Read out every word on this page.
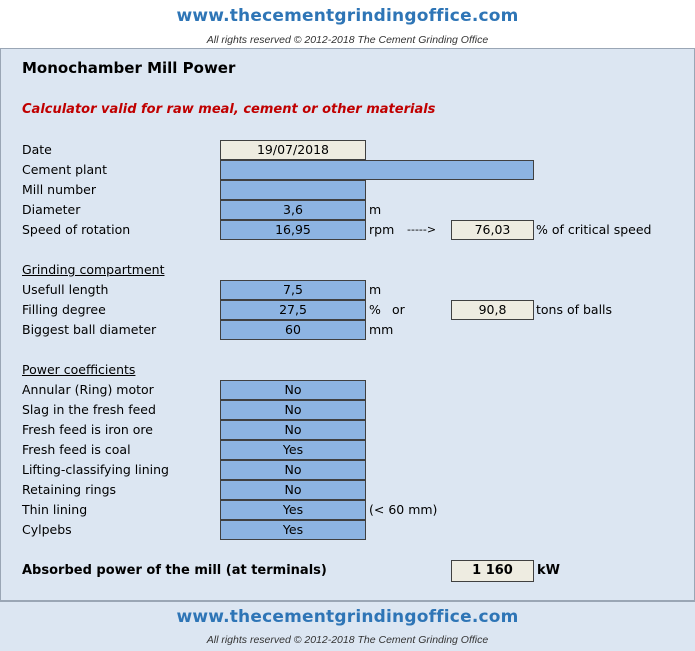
www.thecementgrindingoffice.com
All rights reserved © 2012-2018 The Cement Grinding Office
Monochamber Mill Power
Calculator valid for raw meal, cement or other materials
Date	19/07/2018
Cement plant
Mill number
Diameter	3,6	m
Speed of rotation	16,95	rpm ----->	76,03	% of critical speed
Grinding compartment
Usefull length	7,5	m
Filling degree	27,5	% or	90,8	tons of balls
Biggest ball diameter	60	mm
Power coefficients
Annular (Ring) motor	No
Slag in the fresh feed	No
Fresh feed is iron ore	No
Fresh feed is coal	Yes
Lifting-classifying lining	No
Retaining rings	No
Thin lining	Yes	(< 60 mm)
Cylpebs	Yes
Absorbed power of the mill (at terminals)	1 160	kW
www.thecementgrindingoffice.com
All rights reserved © 2012-2018 The Cement Grinding Office
